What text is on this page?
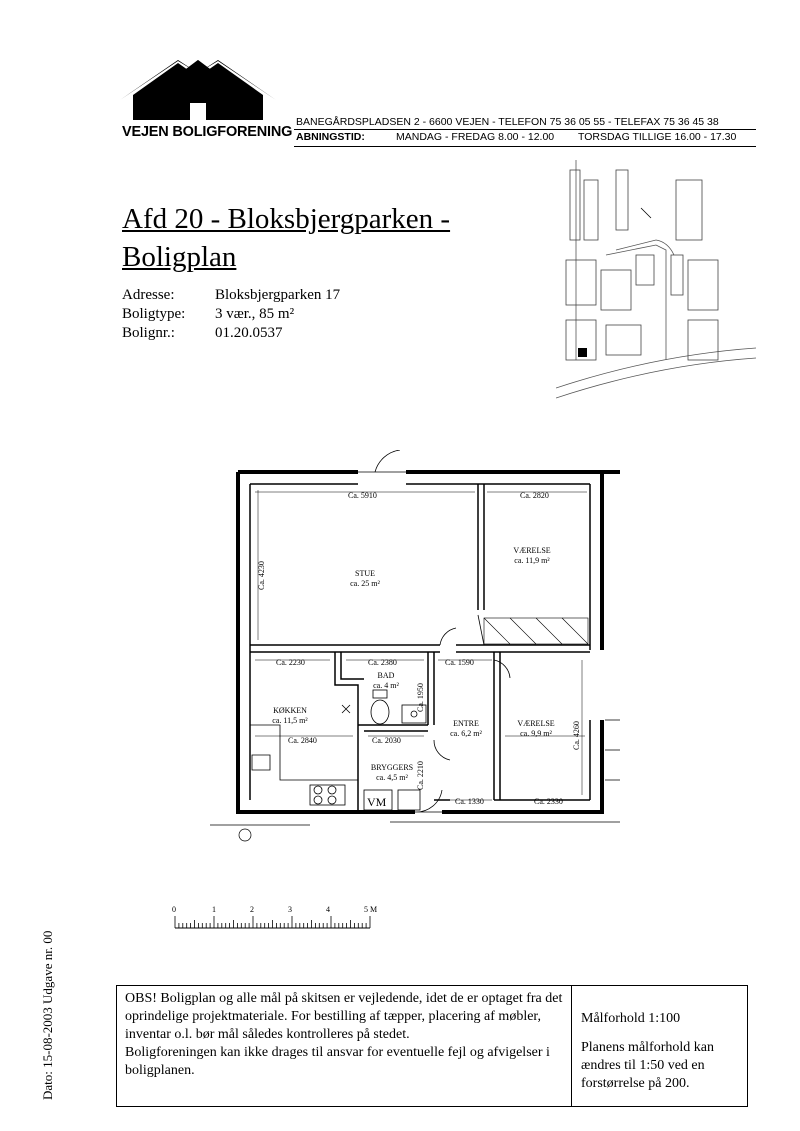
VEJEN BOLIGFORENING
BANEGÅRDSPLADSEN 2 - 6600 VEJEN - TELEFON 75 36 05 55 - TELEFAX 75 36 45 38
ABNINGSTID:	MANDAG - FREDAG 8.00 - 12.00 TORSDAG TILLIGE 16.00 - 17.30
Afd 20 - Bloksbjergparken -
Boligplan
Adresse:	Bloksbjergparken 17
Boligtype: 3 vær., 85 m²
Bolignr.:	01.20.0537
VM
Ca. 5910	Ca. 2820
Ca. 4230
Ca. 2230	Ca. 2380	Ca. 1590
Ca. 1950
Ca. 2840	Ca. 2030
Ca. 2210
Ca. 4260
Ca. 1330	Ca. 2330
STUE
ca. 25 m²
VÆRELSE
ca. 11,9 m²
BAD
ca. 4 m²
KØKKEN
ca. 11,5 m²	ENTRE
ca. 6,2 m²
VÆRELSE
ca. 9,9 m²
BRYGGERS
ca. 4,5 m²
0	1	2	3	4	5 M
Dato: 15-08-2003 Udgave nr. 00	OBS! Boligplan og alle mål på skitsen er vejledende, idet de er optaget fra det oprindelige projektmateriale. For bestilling af tæpper, placering af møbler, inventar o.l. bør mål således kontrolleres på stedet.
Boligforeningen kan ikke drages til ansvar for eventuelle fejl og afvigelser i boligplanen.

Målforhold 1:100

Planens målforhold kan ændres til 1:50 ved en forstørrelse på 200.
